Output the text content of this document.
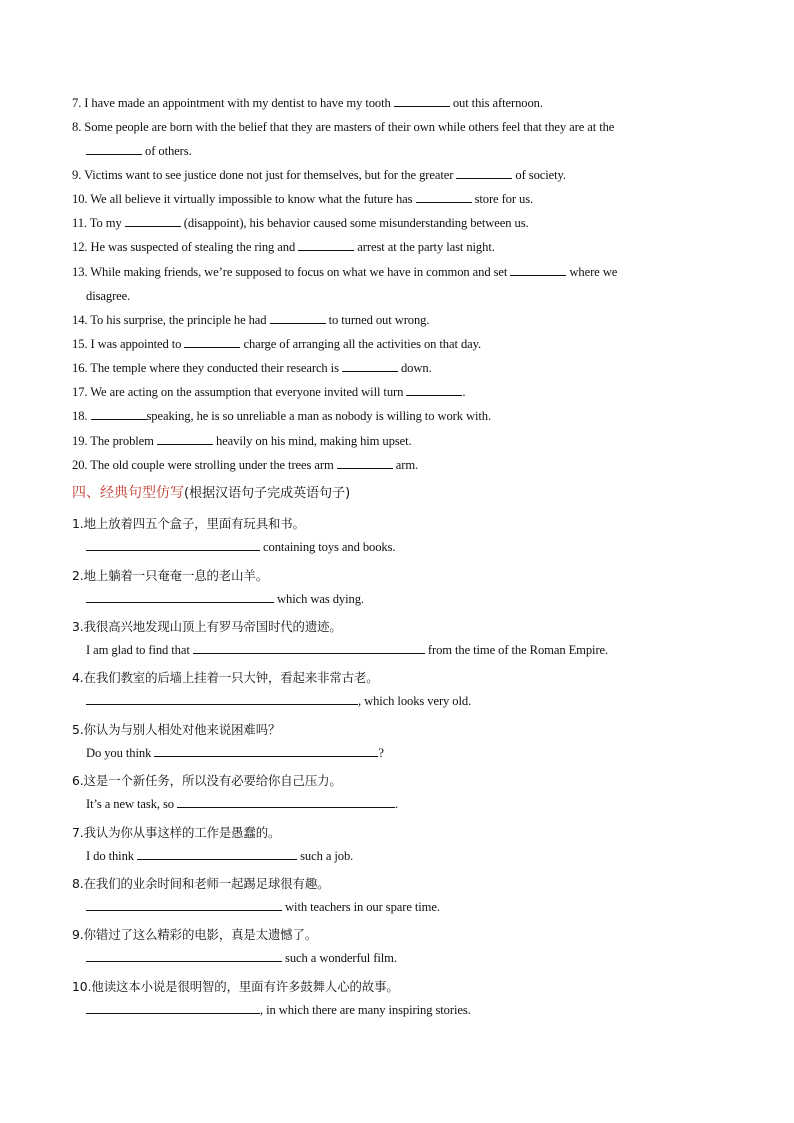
7. I have made an appointment with my dentist to have my tooth	out this afternoon.
8. Some people are born with the belief that they are masters of their own while others feel that they are at the
of others.
9. Victims want to see justice done not just for themselves, but for the greater	of society.
10. We all believe it virtually impossible to know what the future has	store for us.
11. To my	(disappoint), his behavior caused some misunderstanding between us.
12. He was suspected of stealing the ring and	arrest at the party last night.
13. While making friends, we’re supposed to focus on what we have in common and set	where we
disagree.
14. To his surprise, the principle he had	to turned out wrong.
15. I was appointed to	charge of arranging all the activities on that day.
16. The temple where they conducted their research is	down.
17. We are acting on the assumption that everyone invited will turn	.
18.	speaking, he is so unreliable a man as nobody is willing to work with.
19. The problem	heavily on his mind, making him upset.
20. The old couple were strolling under the trees arm	arm.
四、经典句型仿写(根据汉语句子完成英语句子)
1.地上放着四五个盒子，里面有玩具和书。
containing toys and books.
2.地上躺着一只奄奄一息的老山羊。
which was dying.
3.我很高兴地发现山顶上有罗马帝国时代的遗迹。
I am glad to find that	from the time of the Roman Empire.
4.在我们教室的后墙上挂着一只大钟，看起来非常古老。
, which looks very old.
5.你认为与别人相处对他来说困难吗？
Do you think	?
6.这是一个新任务，所以没有必要给你自己压力。
It’s a new task, so	.
7.我认为你从事这样的工作是愚蠢的。
I do think	such a job.
8.在我们的业余时间和老师一起踢足球很有趣。
with teachers in our spare time.
9.你错过了这么精彩的电影，真是太遗憾了。
such a wonderful film.
10.他读这本小说是很明智的，里面有许多鼓舞人心的故事。
, in which there are many inspiring stories.
